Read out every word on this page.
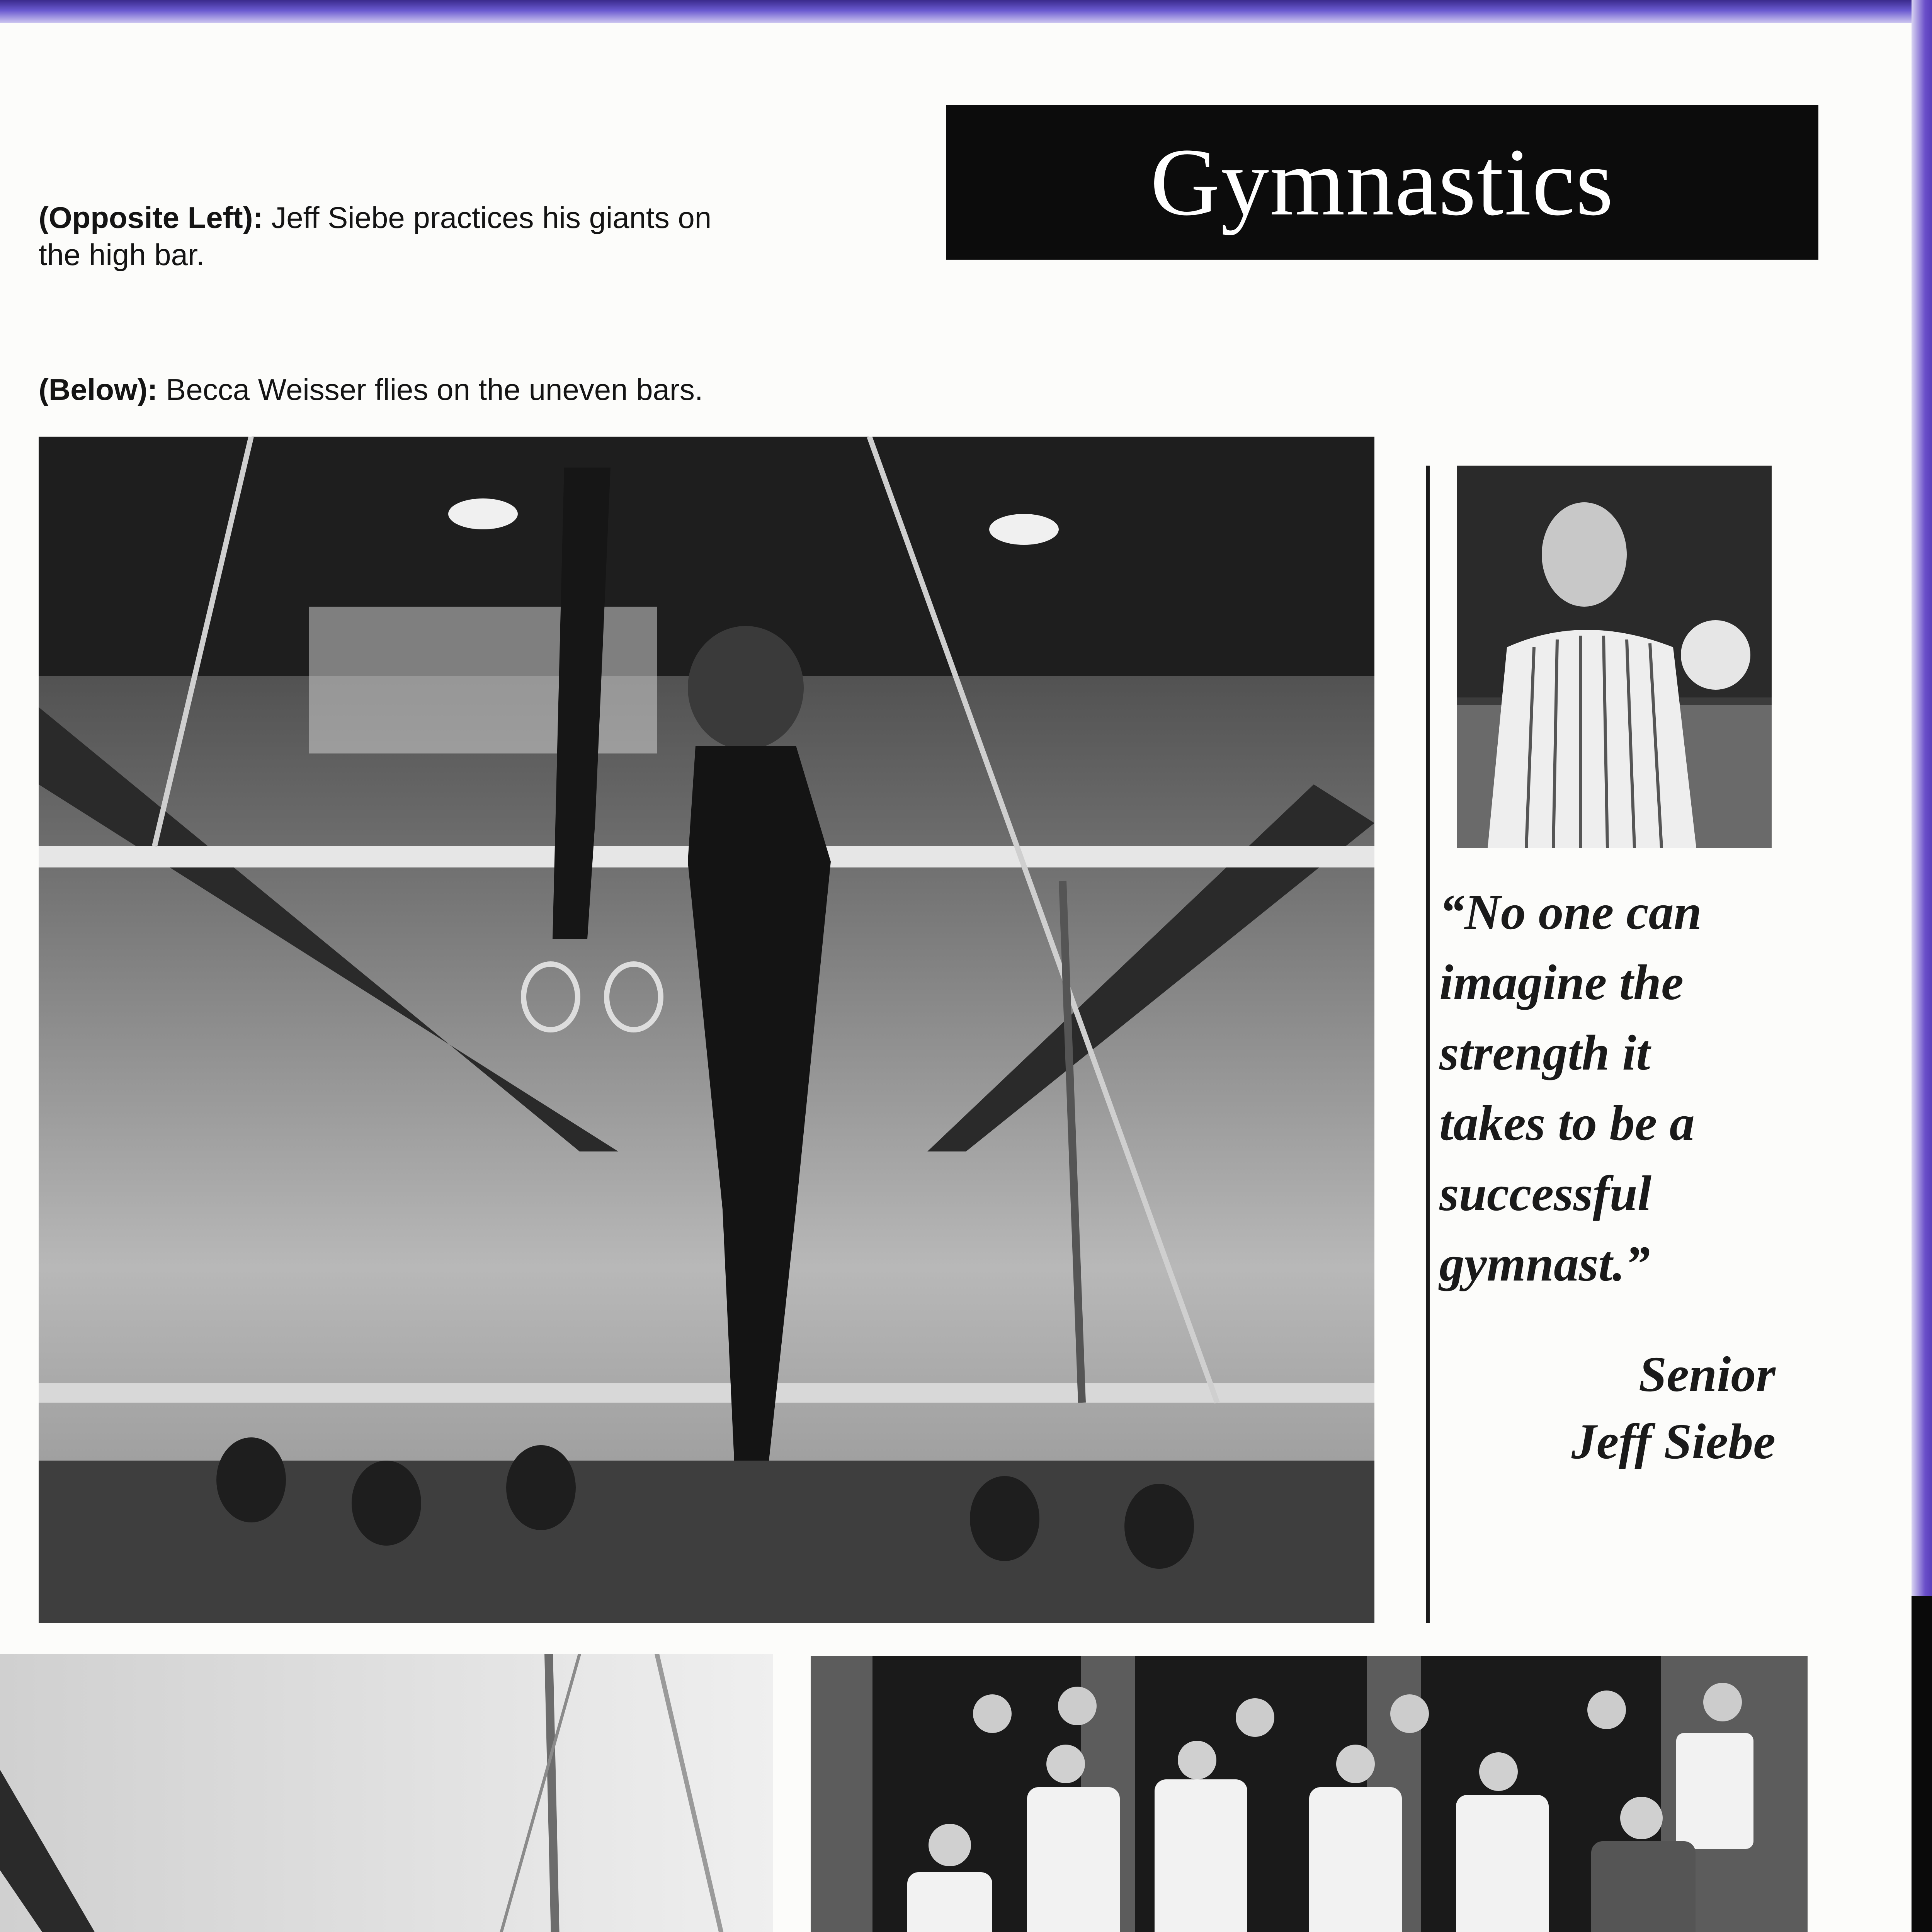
(Opposite Left): Jeff Siebe practices his giants on the high bar.
(Below): Becca Weisser flies on the uneven bars.
Gymnastics
“No one can
imagine the
strength it
takes to be a
successful
gymnast.”
Senior
Jeff Siebe
